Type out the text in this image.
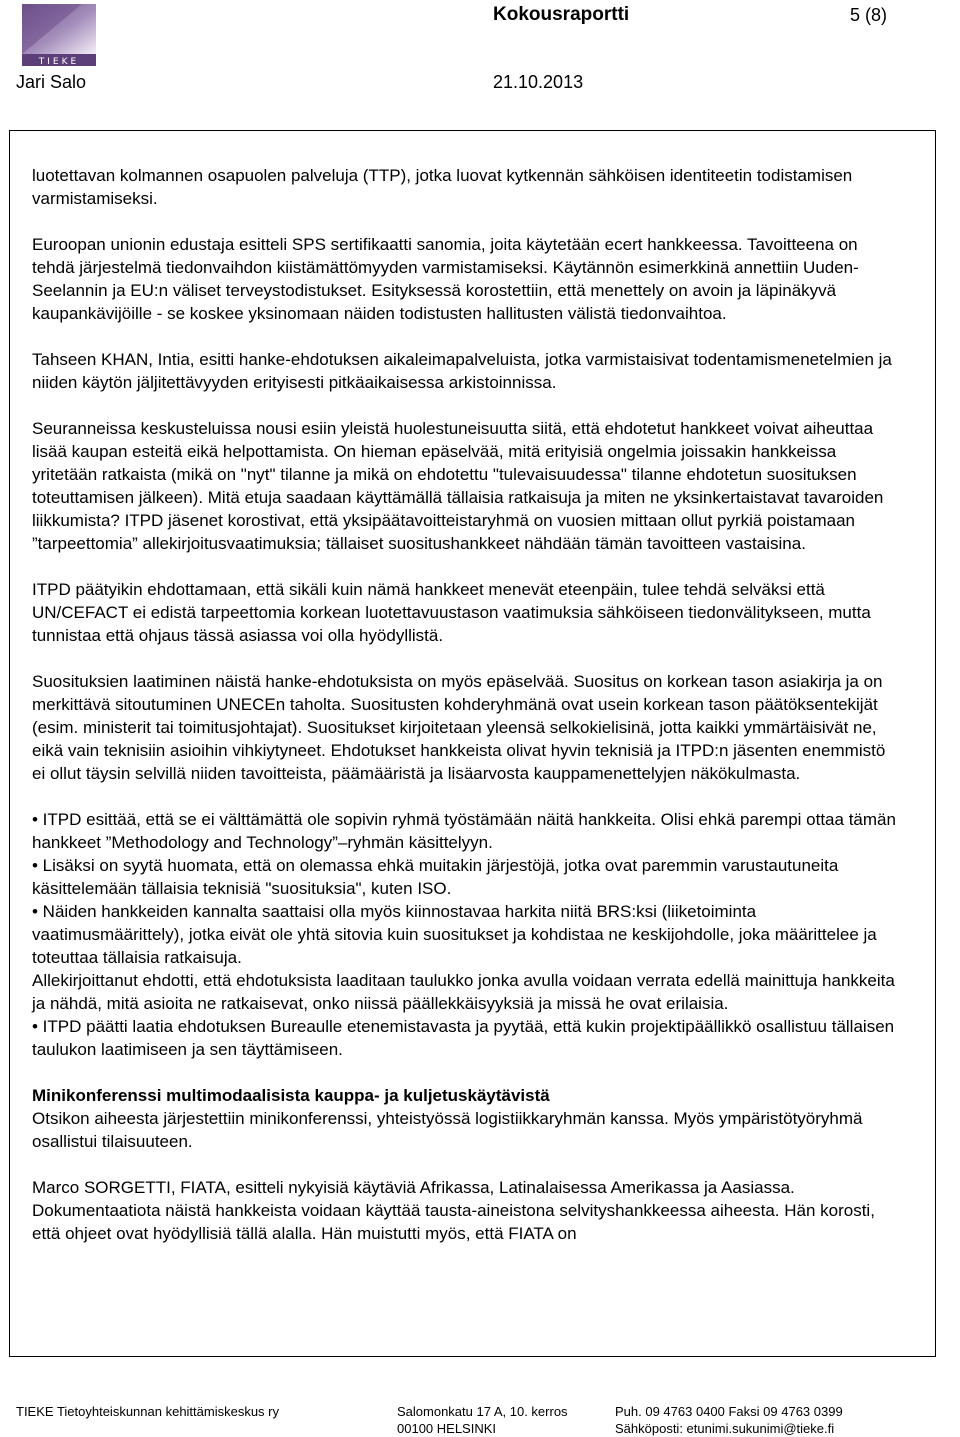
TIEKE
Kokousraportti	5 (8)
Jari Salo	21.10.2013

luotettavan kolmannen osapuolen palveluja (TTP), jotka luovat kytkennän sähköisen identiteetin todistamisen varmistamiseksi.

Euroopan unionin edustaja esitteli SPS sertifikaatti sanomia, joita käytetään ecert hankkeessa. Tavoitteena on tehdä järjestelmä tiedonvaihdon kiistämättömyyden varmistamiseksi. Käytännön esimerkkinä annettiin Uuden-Seelannin ja EU:n väliset terveystodistukset. Esityksessä korostettiin, että menettely on avoin ja läpinäkyvä kaupankävijöille - se koskee yksinomaan näiden todistusten hallitusten välistä tiedonvaihtoa.

Tahseen KHAN, Intia, esitti hanke-ehdotuksen aikaleimapalveluista, jotka varmistaisivat todentamismenetelmien ja niiden käytön jäljitettävyyden erityisesti pitkäaikaisessa arkistoinnissa.

Seuranneissa keskusteluissa nousi esiin yleistä huolestuneisuutta siitä, että ehdotetut hankkeet voivat aiheuttaa lisää kaupan esteitä eikä helpottamista. On hieman epäselvää, mitä erityisiä ongelmia joissakin hankkeissa yritetään ratkaista (mikä on "nyt" tilanne ja mikä on ehdotettu "tulevaisuudessa" tilanne ehdotetun suosituksen toteuttamisen jälkeen). Mitä etuja saadaan käyttämällä tällaisia ratkaisuja ja miten ne yksinkertaistavat tavaroiden liikkumista? ITPD jäsenet korostivat, että yksipäätavoitteistaryhmä on vuosien mittaan ollut pyrkiä poistamaan ”tarpeettomia” allekirjoitusvaatimuksia; tällaiset suositushankkeet nähdään tämän tavoitteen vastaisina.

ITPD päätyikin ehdottamaan, että sikäli kuin nämä hankkeet menevät eteenpäin, tulee tehdä selväksi että UN/CEFACT ei edistä tarpeettomia korkean luotettavuustason vaatimuksia sähköiseen tiedonvälitykseen, mutta tunnistaa että ohjaus tässä asiassa voi olla hyödyllistä.

Suosituksien laatiminen näistä hanke-ehdotuksista on myös epäselvää. Suositus on korkean tason asiakirja ja on merkittävä sitoutuminen UNECEn taholta. Suositusten kohderyhmänä ovat usein korkean tason päätöksentekijät (esim. ministerit tai toimitusjohtajat). Suositukset kirjoitetaan yleensä selkokielisinä, jotta kaikki ymmärtäisivät ne, eikä vain teknisiin asioihin vihkiytyneet. Ehdotukset hankkeista olivat hyvin teknisiä ja ITPD:n jäsenten enemmistö ei ollut täysin selvillä niiden tavoitteista, päämääristä ja lisäarvosta kauppamenettelyjen näkökulmasta.

• ITPD esittää, että se ei välttämättä ole sopivin ryhmä työstämään näitä hankkeita. Olisi ehkä parempi ottaa tämän hankkeet ”Methodology and Technology”–ryhmän käsittelyyn.

• Lisäksi on syytä huomata, että on olemassa ehkä muitakin järjestöjä, jotka ovat paremmin varustautuneita käsittelemään tällaisia teknisiä "suosituksia", kuten ISO.

• Näiden hankkeiden kannalta saattaisi olla myös kiinnostavaa harkita niitä BRS:ksi (liiketoiminta vaatimusmäärittely), jotka eivät ole yhtä sitovia kuin suositukset ja kohdistaa ne keskijohdolle, joka määrittelee ja toteuttaa tällaisia ratkaisuja.

Allekirjoittanut ehdotti, että ehdotuksista laaditaan taulukko jonka avulla voidaan verrata edellä mainittuja hankkeita ja nähdä, mitä asioita ne ratkaisevat, onko niissä päällekkäisyyksiä ja missä he ovat erilaisia.

• ITPD päätti laatia ehdotuksen Bureaulle etenemistavasta ja pyytää, että kukin projektipäällikkö osallistuu tällaisen taulukon laatimiseen ja sen täyttämiseen.

Minikonferenssi multimodaalisista kauppa- ja kuljetuskäytävistä

Otsikon aiheesta järjestettiin minikonferenssi, yhteistyössä logistiikkaryhmän kanssa. Myös ympäristötyöryhmä osallistui tilaisuuteen.

Marco SORGETTI, FIATA, esitteli nykyisiä käytäviä Afrikassa, Latinalaisessa Amerikassa ja Aasiassa. Dokumentaatiota näistä hankkeista voidaan käyttää tausta-aineistona selvityshankkeessa aiheesta. Hän korosti, että ohjeet ovat hyödyllisiä tällä alalla. Hän muistutti myös, että FIATA on

TIEKE Tietoyhteiskunnan kehittämiskeskus ry	Salomonkatu 17 A, 10. kerros
00100 HELSINKI
Puh. 09 4763 0400 Faksi 09 4763 0399
Sähköposti: etunimi.sukunimi@tieke.fi
